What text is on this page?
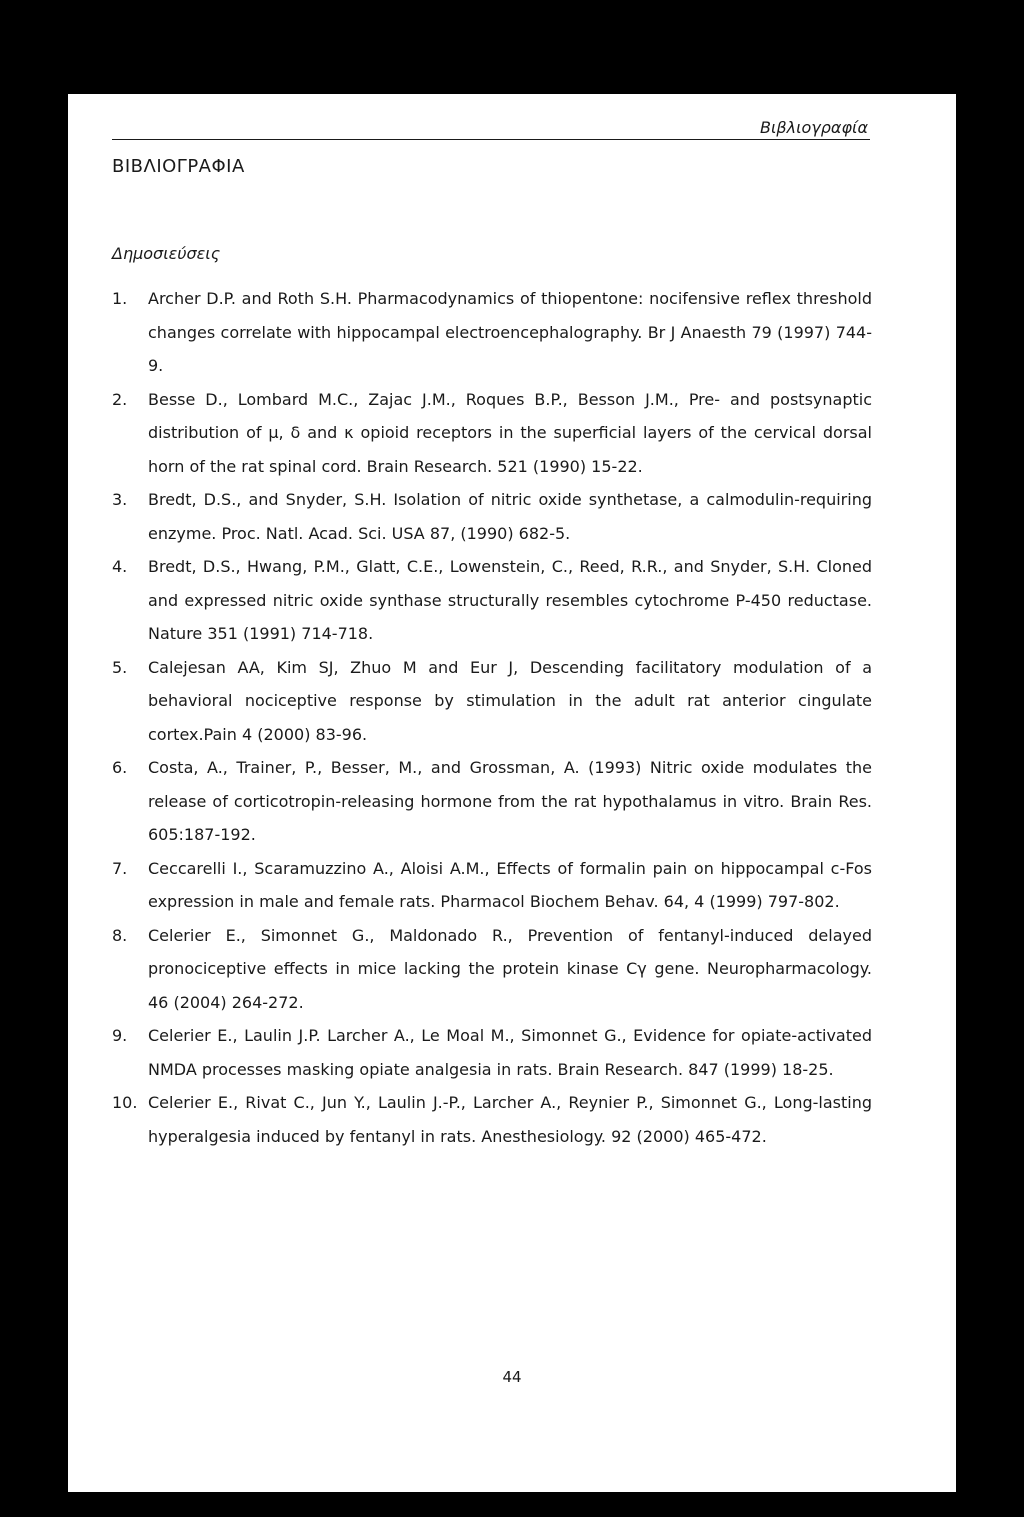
Βιβλιογραφία
ΒΙΒΛΙΟΓΡΑΦΙΑ
Δημοσιεύσεις
1.	Archer D.P. and Roth S.H. Pharmacodynamics of thiopentone: nocifensive reflex threshold changes correlate with hippocampal electroencephalography. Br J Anaesth 79 (1997) 744-9.
2.	Besse D., Lombard M.C., Zajac J.M., Roques B.P., Besson J.M., Pre- and postsynaptic distribution of μ, δ and κ opioid receptors in the superficial layers of the cervical dorsal horn of the rat spinal cord. Brain Research. 521 (1990) 15-22.
3.	Bredt, D.S., and Snyder, S.H. Isolation of nitric oxide synthetase, a calmodulin-requiring enzyme. Proc. Natl. Acad. Sci. USA 87, (1990) 682-5.
4.	Bredt, D.S., Hwang, P.M., Glatt, C.E., Lowenstein, C., Reed, R.R., and Snyder, S.H. Cloned and expressed nitric oxide synthase structurally resembles cytochrome P-450 reductase. Nature 351 (1991) 714-718.
5.	Calejesan AA, Kim SJ, Zhuo M and Eur J, Descending facilitatory modulation of a behavioral nociceptive response by stimulation in the adult rat anterior cingulate cortex.Pain 4 (2000) 83-96.
6.	Costa, A., Trainer, P., Besser, M., and Grossman, A. (1993) Nitric oxide modulates the release of corticotropin-releasing hormone from the rat hypothalamus in vitro. Brain Res. 605:187-192.
7.	Ceccarelli I., Scaramuzzino A., Aloisi A.M., Effects of formalin pain on hippocampal c-Fos expression in male and female rats. Pharmacol Biochem Behav. 64, 4 (1999) 797-802.
8.	Celerier E., Simonnet G., Maldonado R., Prevention of fentanyl-induced delayed pronociceptive effects in mice lacking the protein kinase Cγ gene. Neuropharmacology. 46 (2004) 264-272.
9.	Celerier E., Laulin J.P. Larcher A., Le Moal M., Simonnet G., Evidence for opiate-activated NMDA processes masking opiate analgesia in rats. Brain Research. 847 (1999) 18-25.
10. Celerier E., Rivat C., Jun Y., Laulin J.-P., Larcher A., Reynier P., Simonnet G., Long-lasting hyperalgesia induced by fentanyl in rats. Anesthesiology. 92 (2000) 465-472.
44
